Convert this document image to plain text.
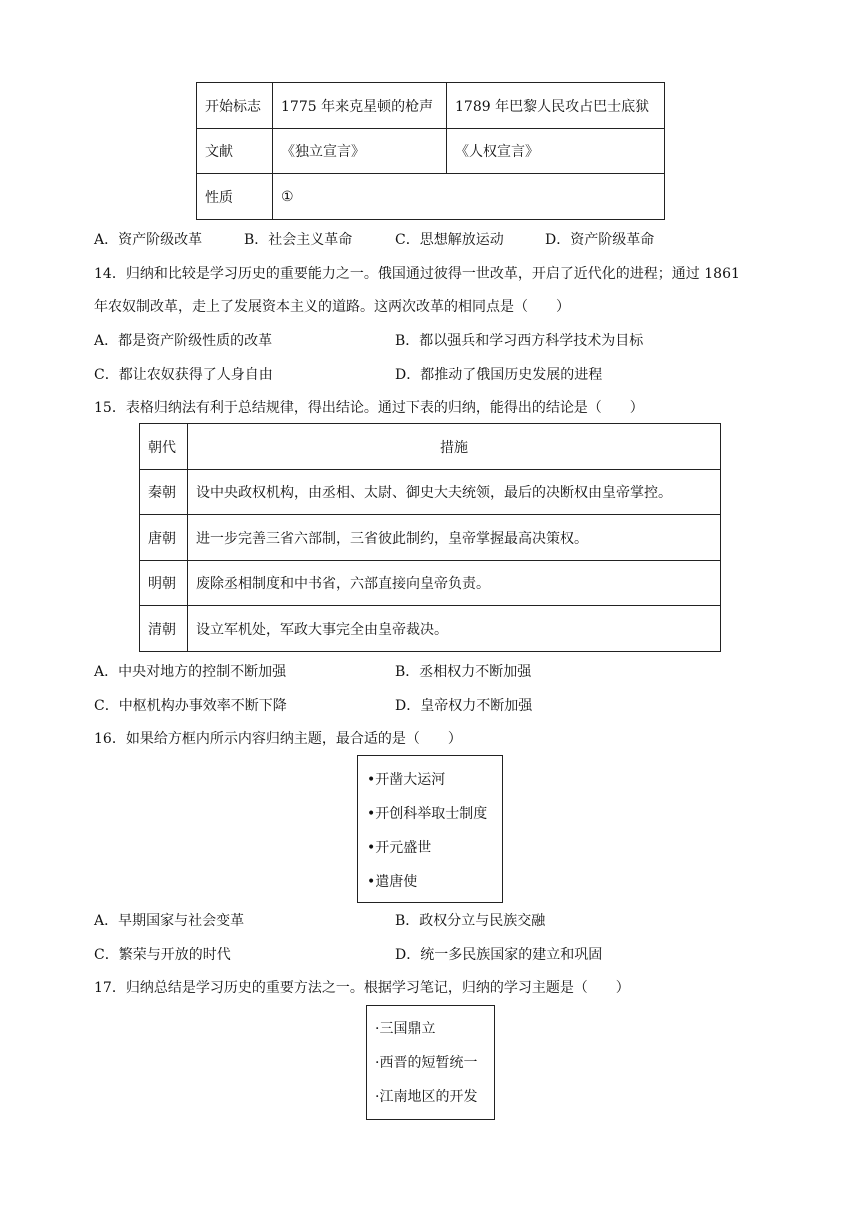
开始标志	1775 年来克星顿的枪声	1789 年巴黎人民攻占巴士底狱
文献	《独立宣言》	《人权宣言》
性质	①	
A．资产阶级改革	B．社会主义革命	C．思想解放运动	D．资产阶级革命
14．归纳和比较是学习历史的重要能力之一。俄国通过彼得一世改革，开启了近代化的进程；通过 1861
年农奴制改革，走上了发展资本主义的道路。这两次改革的相同点是（　　）
A．都是资产阶级性质的改革	B．都以强兵和学习西方科学技术为目标
C．都让农奴获得了人身自由	D．都推动了俄国历史发展的进程
15．表格归纳法有利于总结规律，得出结论。通过下表的归纳，能得出的结论是（　　）
朝代	措施
秦朝	设中央政权机构，由丞相、太尉、御史大夫统领，最后的决断权由皇帝掌控。
唐朝	进一步完善三省六部制，三省彼此制约，皇帝掌握最高决策权。
明朝	废除丞相制度和中书省，六部直接向皇帝负责。
清朝	设立军机处，军政大事完全由皇帝裁决。
A．中央对地方的控制不断加强	B．丞相权力不断加强
C．中枢机构办事效率不断下降	D．皇帝权力不断加强
16．如果给方框内所示内容归纳主题，最合适的是（　　）
•开凿大运河
•开创科举取士制度
•开元盛世
•遣唐使
A．早期国家与社会变革	B．政权分立与民族交融
C．繁荣与开放的时代	D．统一多民族国家的建立和巩固
17．归纳总结是学习历史的重要方法之一。根据学习笔记，归纳的学习主题是（　　）
·三国鼎立
·西晋的短暂统一
·江南地区的开发
